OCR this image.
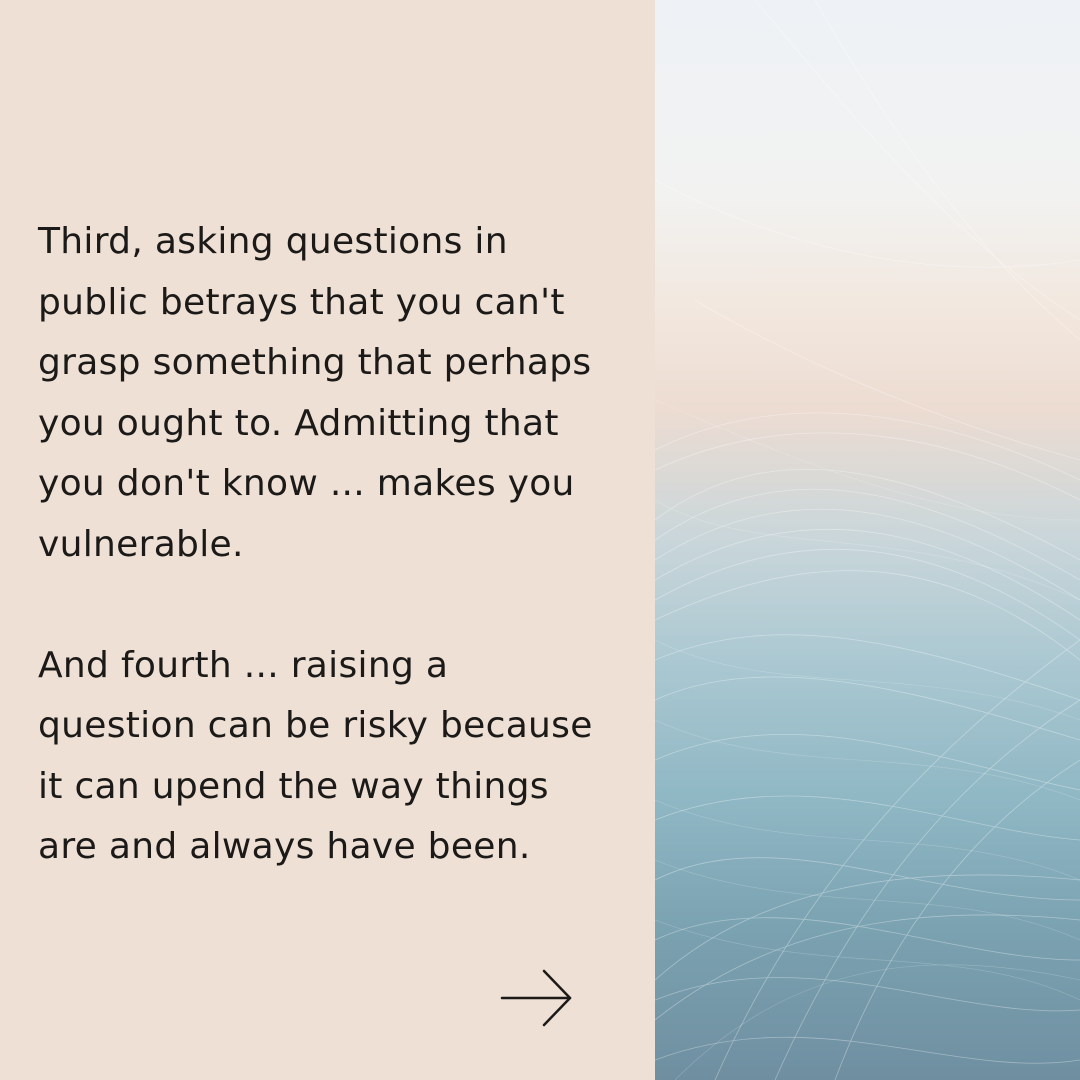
Third, asking questions in
public betrays that you can't
grasp something that perhaps
you ought to. Admitting that
you don't know ... makes you
vulnerable.

And fourth ... raising a
question can be risky because
it can upend the way things
are and always have been.
